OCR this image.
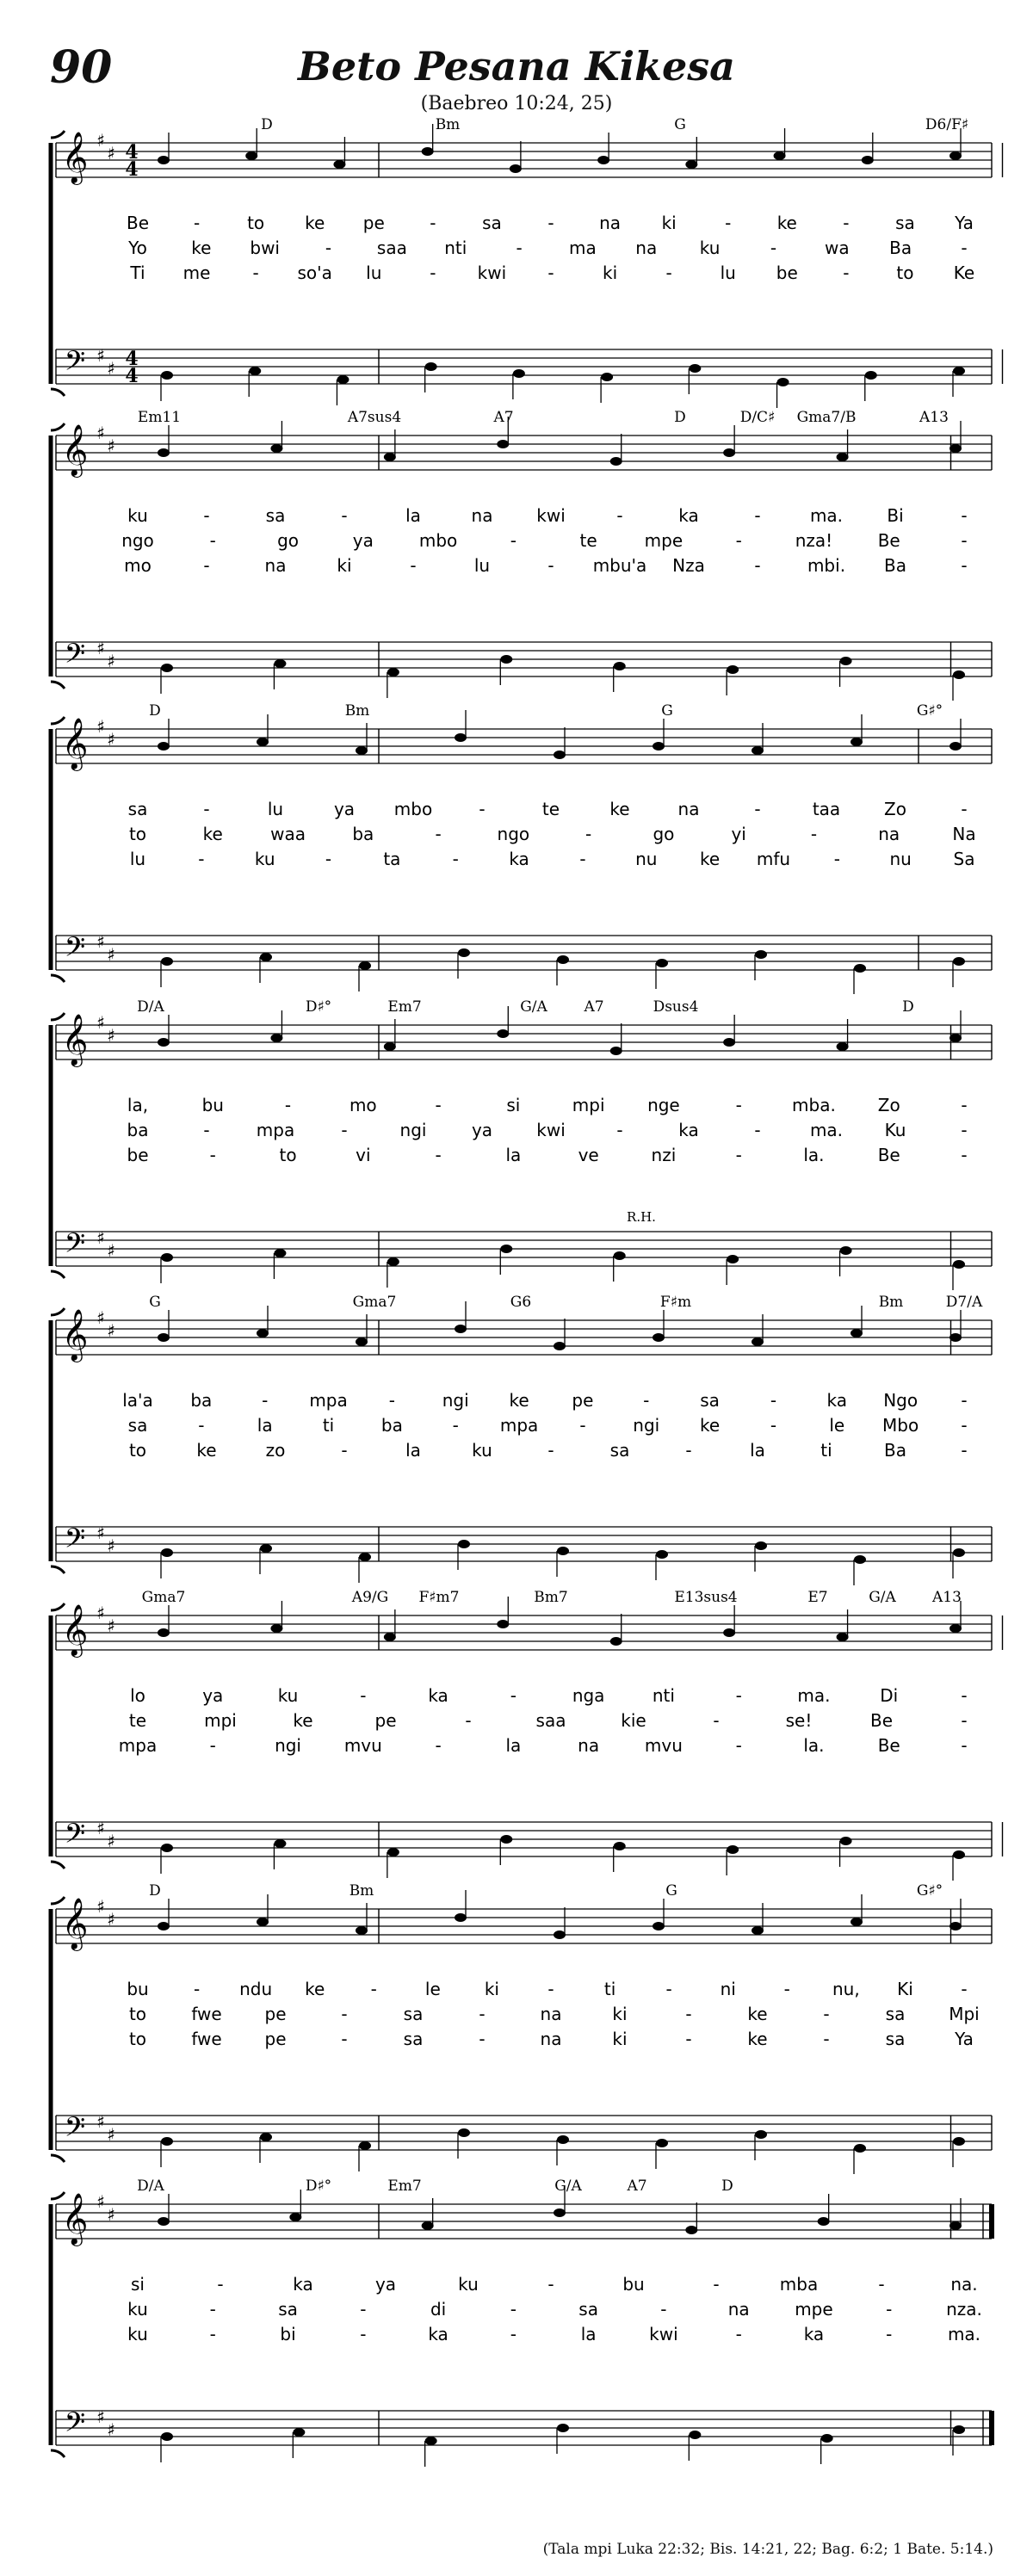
90	Beto Pesana Kikesa
(Baebreo 10:24, 25)
𝄞 ♯
♯ 4
4
𝄢 ♯
♯ 4
4
D	Bm	G	D6/F♯
Be	-	to ke pe	-	sa	-	na ki	-	ke	-	sa Ya
Yo	ke bwi	-	saa nti	-	ma na ku	-	wa Ba	-
Ti me - so'a lu	- kwi -	ki	-	lu be	-	to Ke
𝄞 ♯
♯
𝄢 ♯
♯
Em11	A7sus4	A7	D	D/C♯ Gma7/B	A13
ku	-	sa	-	la	na	kwi	-	ka	-	ma.	Bi	-
ngo	-	go	ya	mbo	-	te	mpe	-	nza!	Be	-
mo	-	na	ki	-	lu	- mbu'a Nza	-	mbi. Ba	-
𝄞 ♯
♯
𝄢 ♯
♯
D	Bm	G	G♯°
sa	-	lu	ya mbo	-	te	ke	na	-	taa	Zo	-
to	ke	waa	ba	-	ngo	-	go	yi	-	na	Na
lu	-	ku	-	ta	-	ka	-	nu ke mfu	-	nu Sa
𝄞 ♯
♯
𝄢 ♯
♯
D/A	D♯°	Em7	G/A	A7	Dsus4	D
R.H.
la,	bu	-	mo	-	si	mpi nge	-	mba. Zo	-
ba	-	mpa	-	ngi	ya	kwi	-	ka	-	ma. Ku	-
be	-	to	vi	-	la	ve	nzi	-	la.	Be	-
𝄞 ♯
♯
𝄢 ♯
♯
G	Gma7	G6	F♯m	Bm	D7/A
la'a ba	- mpa -	ngi ke pe	-	sa	-	ka Ngo	-
sa	-	la	ti	ba	- mpa -	ngi ke	-	le Mbo -
to	ke	zo	-	la	ku	-	sa	-	la	ti	Ba	-
𝄞 ♯
♯
𝄢 ♯
♯
Gma7	A9/G F♯m7	Bm7	E13sus4	E7	G/A A13
lo	ya	ku	-	ka	-	nga	nti	-	ma.	Di	-
te	mpi	ke	pe	-	saa	kie	-	se!	Be	-
mpa	-	ngi mvu	-	la	na	mvu	-	la.	Be	-
𝄞 ♯
♯
𝄢 ♯
♯
D	Bm	G	G♯°
bu	- ndu ke	-	le	ki	-	ti	-	ni	- nu, Ki	-
to	fwe pe	-	sa	-	na	ki	-	ke	-	sa	Mpi
to	fwe pe	-	sa	-	na	ki	-	ke	-	sa	Ya
𝄞 ♯
♯
𝄢 ♯
♯
D/A	D♯°	Em7	G/A	A7	D
si	-	ka	ya	ku	-	bu	-	mba	-	na.
ku	-	sa	-	di	-	sa	-	na	mpe	-	nza.
ku	-	bi	-	ka	-	la	kwi	-	ka	-	ma.
(Tala mpi Luka 22:32; Bis. 14:21, 22; Bag. 6:2; 1 Bate. 5:14.)
